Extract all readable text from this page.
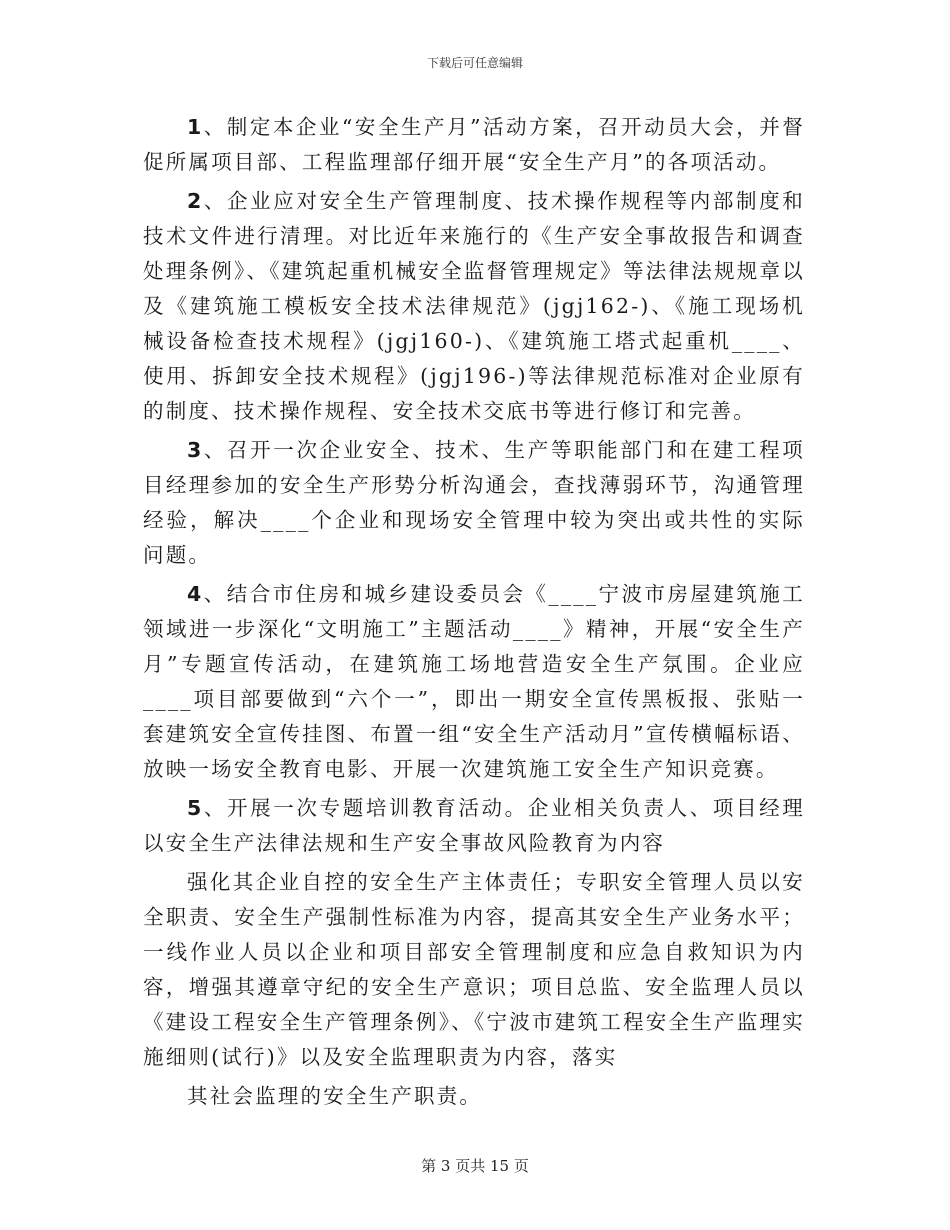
下载后可任意编辑

1、制定本企业“安全生产月”活动方案，召开动员大会，并督促所属项目部、工程监理部仔细开展“安全生产月”的各项活动。

2、企业应对安全生产管理制度、技术操作规程等内部制度和技术文件进行清理。对比近年来施行的《生产安全事故报告和调查处理条例》、《建筑起重机械安全监督管理规定》等法律法规规章以及《建筑施工模板安全技术法律规范》(jgj162-)、《施工现场机械设备检查技术规程》(jgj160-)、《建筑施工塔式起重机____、使用、拆卸安全技术规程》(jgj196-)等法律规范标准对企业原有的制度、技术操作规程、安全技术交底书等进行修订和完善。

3、召开一次企业安全、技术、生产等职能部门和在建工程项目经理参加的安全生产形势分析沟通会，查找薄弱环节，沟通管理经验，解决____个企业和现场安全管理中较为突出或共性的实际问题。

4、结合市住房和城乡建设委员会《____宁波市房屋建筑施工领域进一步深化“文明施工”主题活动____》精神，开展“安全生产月”专题宣传活动，在建筑施工场地营造安全生产氛围。企业应____项目部要做到“六个一”，即出一期安全宣传黑板报、张贴一套建筑安全宣传挂图、布置一组“安全生产活动月”宣传横幅标语、放映一场安全教育电影、开展一次建筑施工安全生产知识竞赛。

5、开展一次专题培训教育活动。企业相关负责人、项目经理以安全生产法律法规和生产安全事故风险教育为内容

强化其企业自控的安全生产主体责任；专职安全管理人员以安全职责、安全生产强制性标准为内容，提高其安全生产业务水平；一线作业人员以企业和项目部安全管理制度和应急自救知识为内容，增强其遵章守纪的安全生产意识；项目总监、安全监理人员以《建设工程安全生产管理条例》、《宁波市建筑工程安全生产监理实施细则(试行)》以及安全监理职责为内容，落实

其社会监理的安全生产职责。

第 3 页共 15 页
